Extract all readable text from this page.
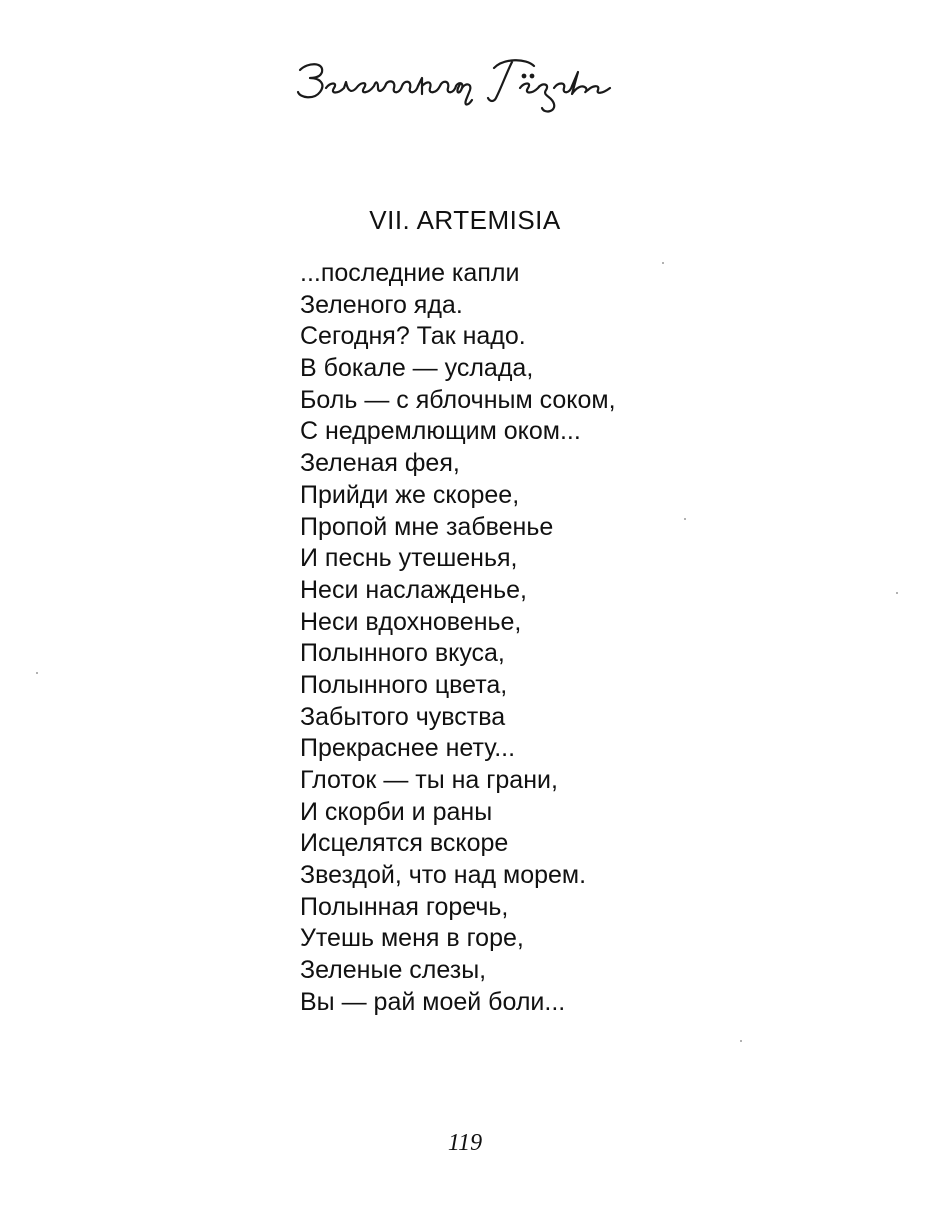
VII. ARTEMISIA
...последние капли
Зеленого яда.
Сегодня? Так надо.
В бокале — услада,
Боль — с яблочным соком,
С недремлющим оком...
Зеленая фея,
Прийди же скорее,
Пропой мне забвенье
И песнь утешенья,
Неси наслажденье,
Неси вдохновенье,
Полынного вкуса,
Полынного цвета,
Забытого чувства
Прекраснее нету...
Глоток — ты на грани,
И скорби и раны
Исцелятся вскоре
Звездой, что над морем.
Полынная горечь,
Утешь меня в горе,
Зеленые слезы,
Вы — рай моей боли...
119
